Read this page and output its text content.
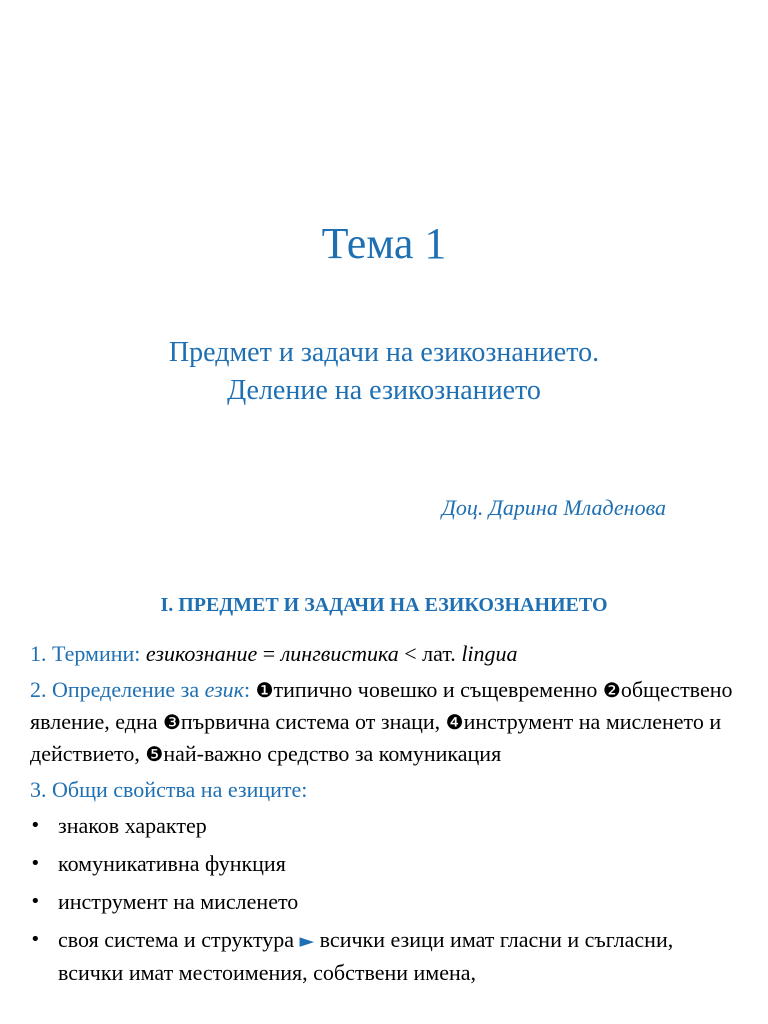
Тема 1
Предмет и задачи на езикознанието. Деление на езикознанието
Доц. Дарина Младенова
I. ПРЕДМЕТ И ЗАДАЧИ НА ЕЗИКОЗНАНИЕТО

1. Термини: езикознание = лингвистика < лат. lingua

2. Определение за език: ❶типично човешко и същевременно ❷обществено явление, една ❸първична система от знаци, ❹инструмент на мисленето и действието, ❺най-важно средство за комуникация

3. Общи свойства на езиците:

• знаков характер
• комуникативна функция
• инструмент на мисленето
• своя система и структура ► всички езици имат гласни и съгласни, всички имат местоимения, собствени имена,
